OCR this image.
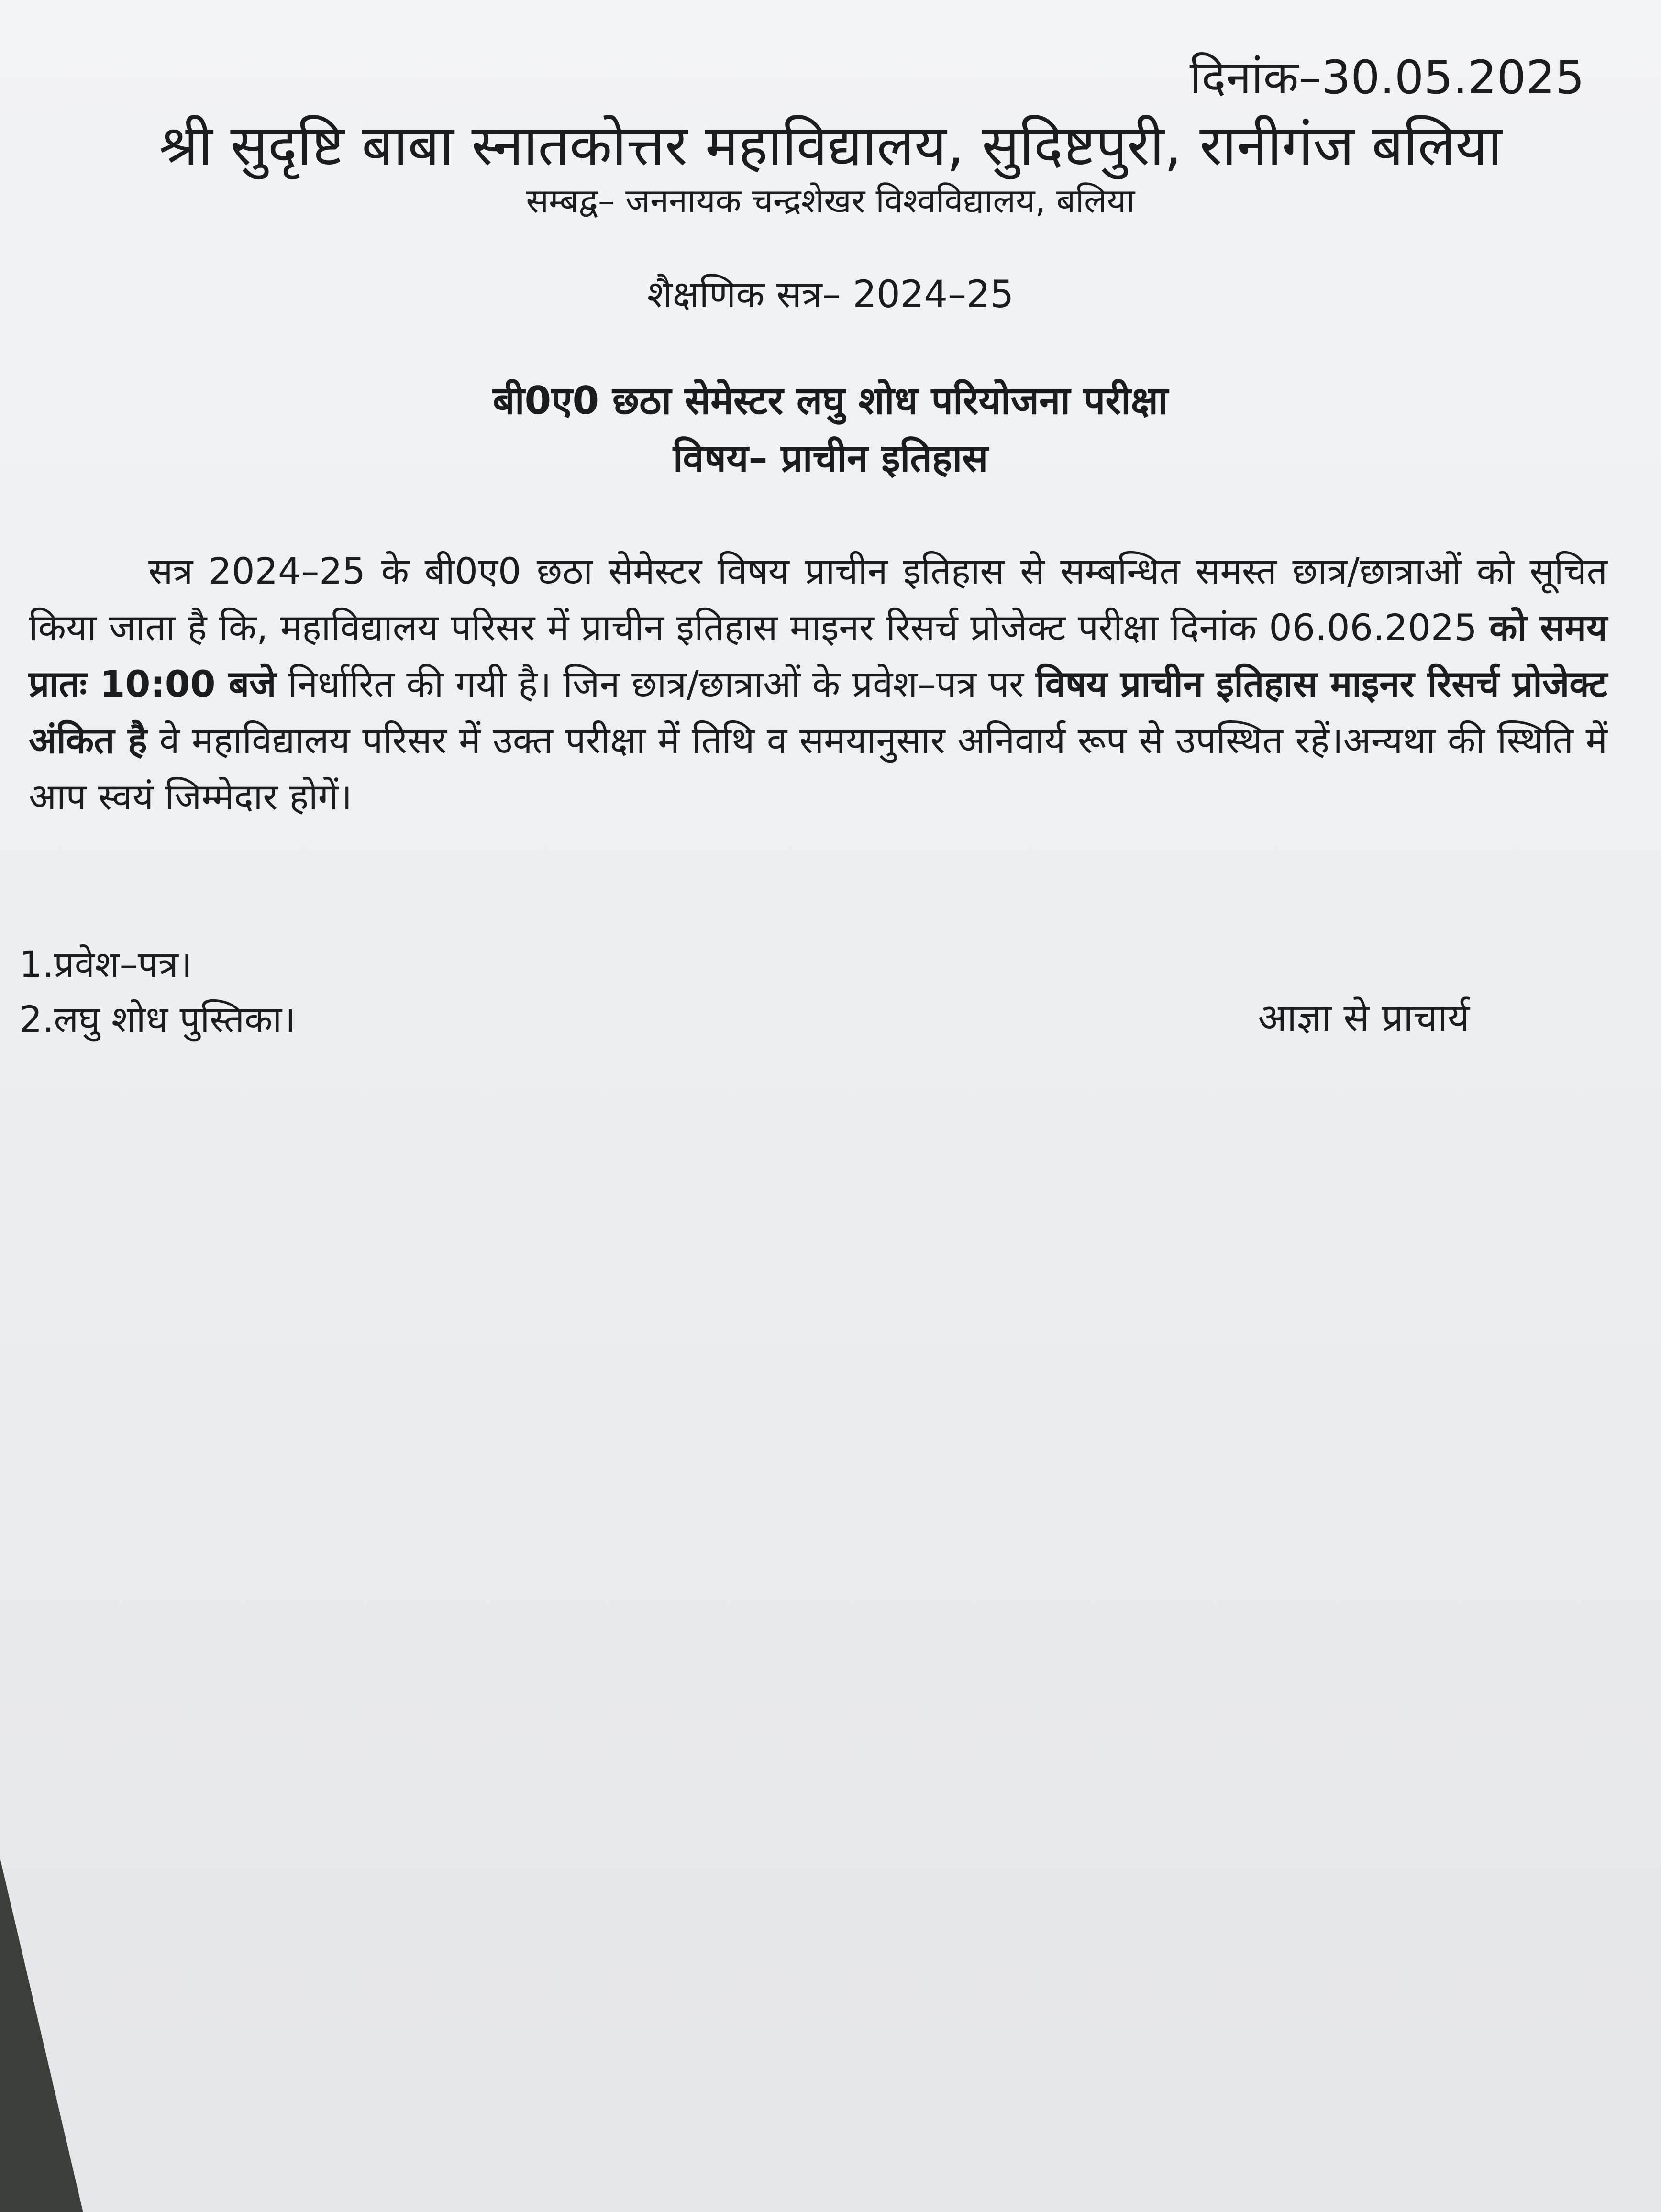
दिनांक–30.05.2025
श्री सुदृष्टि बाबा स्नातकोत्तर महाविद्यालय, सुदिष्टपुरी, रानीगंज बलिया
सम्बद्व– जननायक चन्द्रशेखर विश्वविद्यालय, बलिया
शैक्षणिक सत्र– 2024–25
बी0ए0 छठा सेमेस्टर लघु शोध परियोजना परीक्षा
विषय– प्राचीन इतिहास

सत्र 2024–25 के बी0ए0 छठा सेमेस्टर विषय प्राचीन इतिहास से सम्बन्धित समस्त छात्र/छात्राओं को सूचित किया जाता है कि, महाविद्यालय परिसर में प्राचीन इतिहास माइनर रिसर्च प्रोजेक्ट परीक्षा दिनांक 06.06.2025 को समय प्रातः 10:00 बजे निर्धारित की गयी है। जिन छात्र/छात्राओं के प्रवेश–पत्र पर विषय प्राचीन इतिहास माइनर रिसर्च प्रोजेक्ट अंकित है वे महाविद्यालय परिसर में उक्त परीक्षा में तिथि व समयानुसार अनिवार्य रूप से उपस्थित रहें।अन्यथा की स्थिति में आप स्वयं जिम्मेदार होगें।

1.प्रवेश–पत्र।
2.लघु शोध पुस्तिका।	आज्ञा से प्राचार्य
